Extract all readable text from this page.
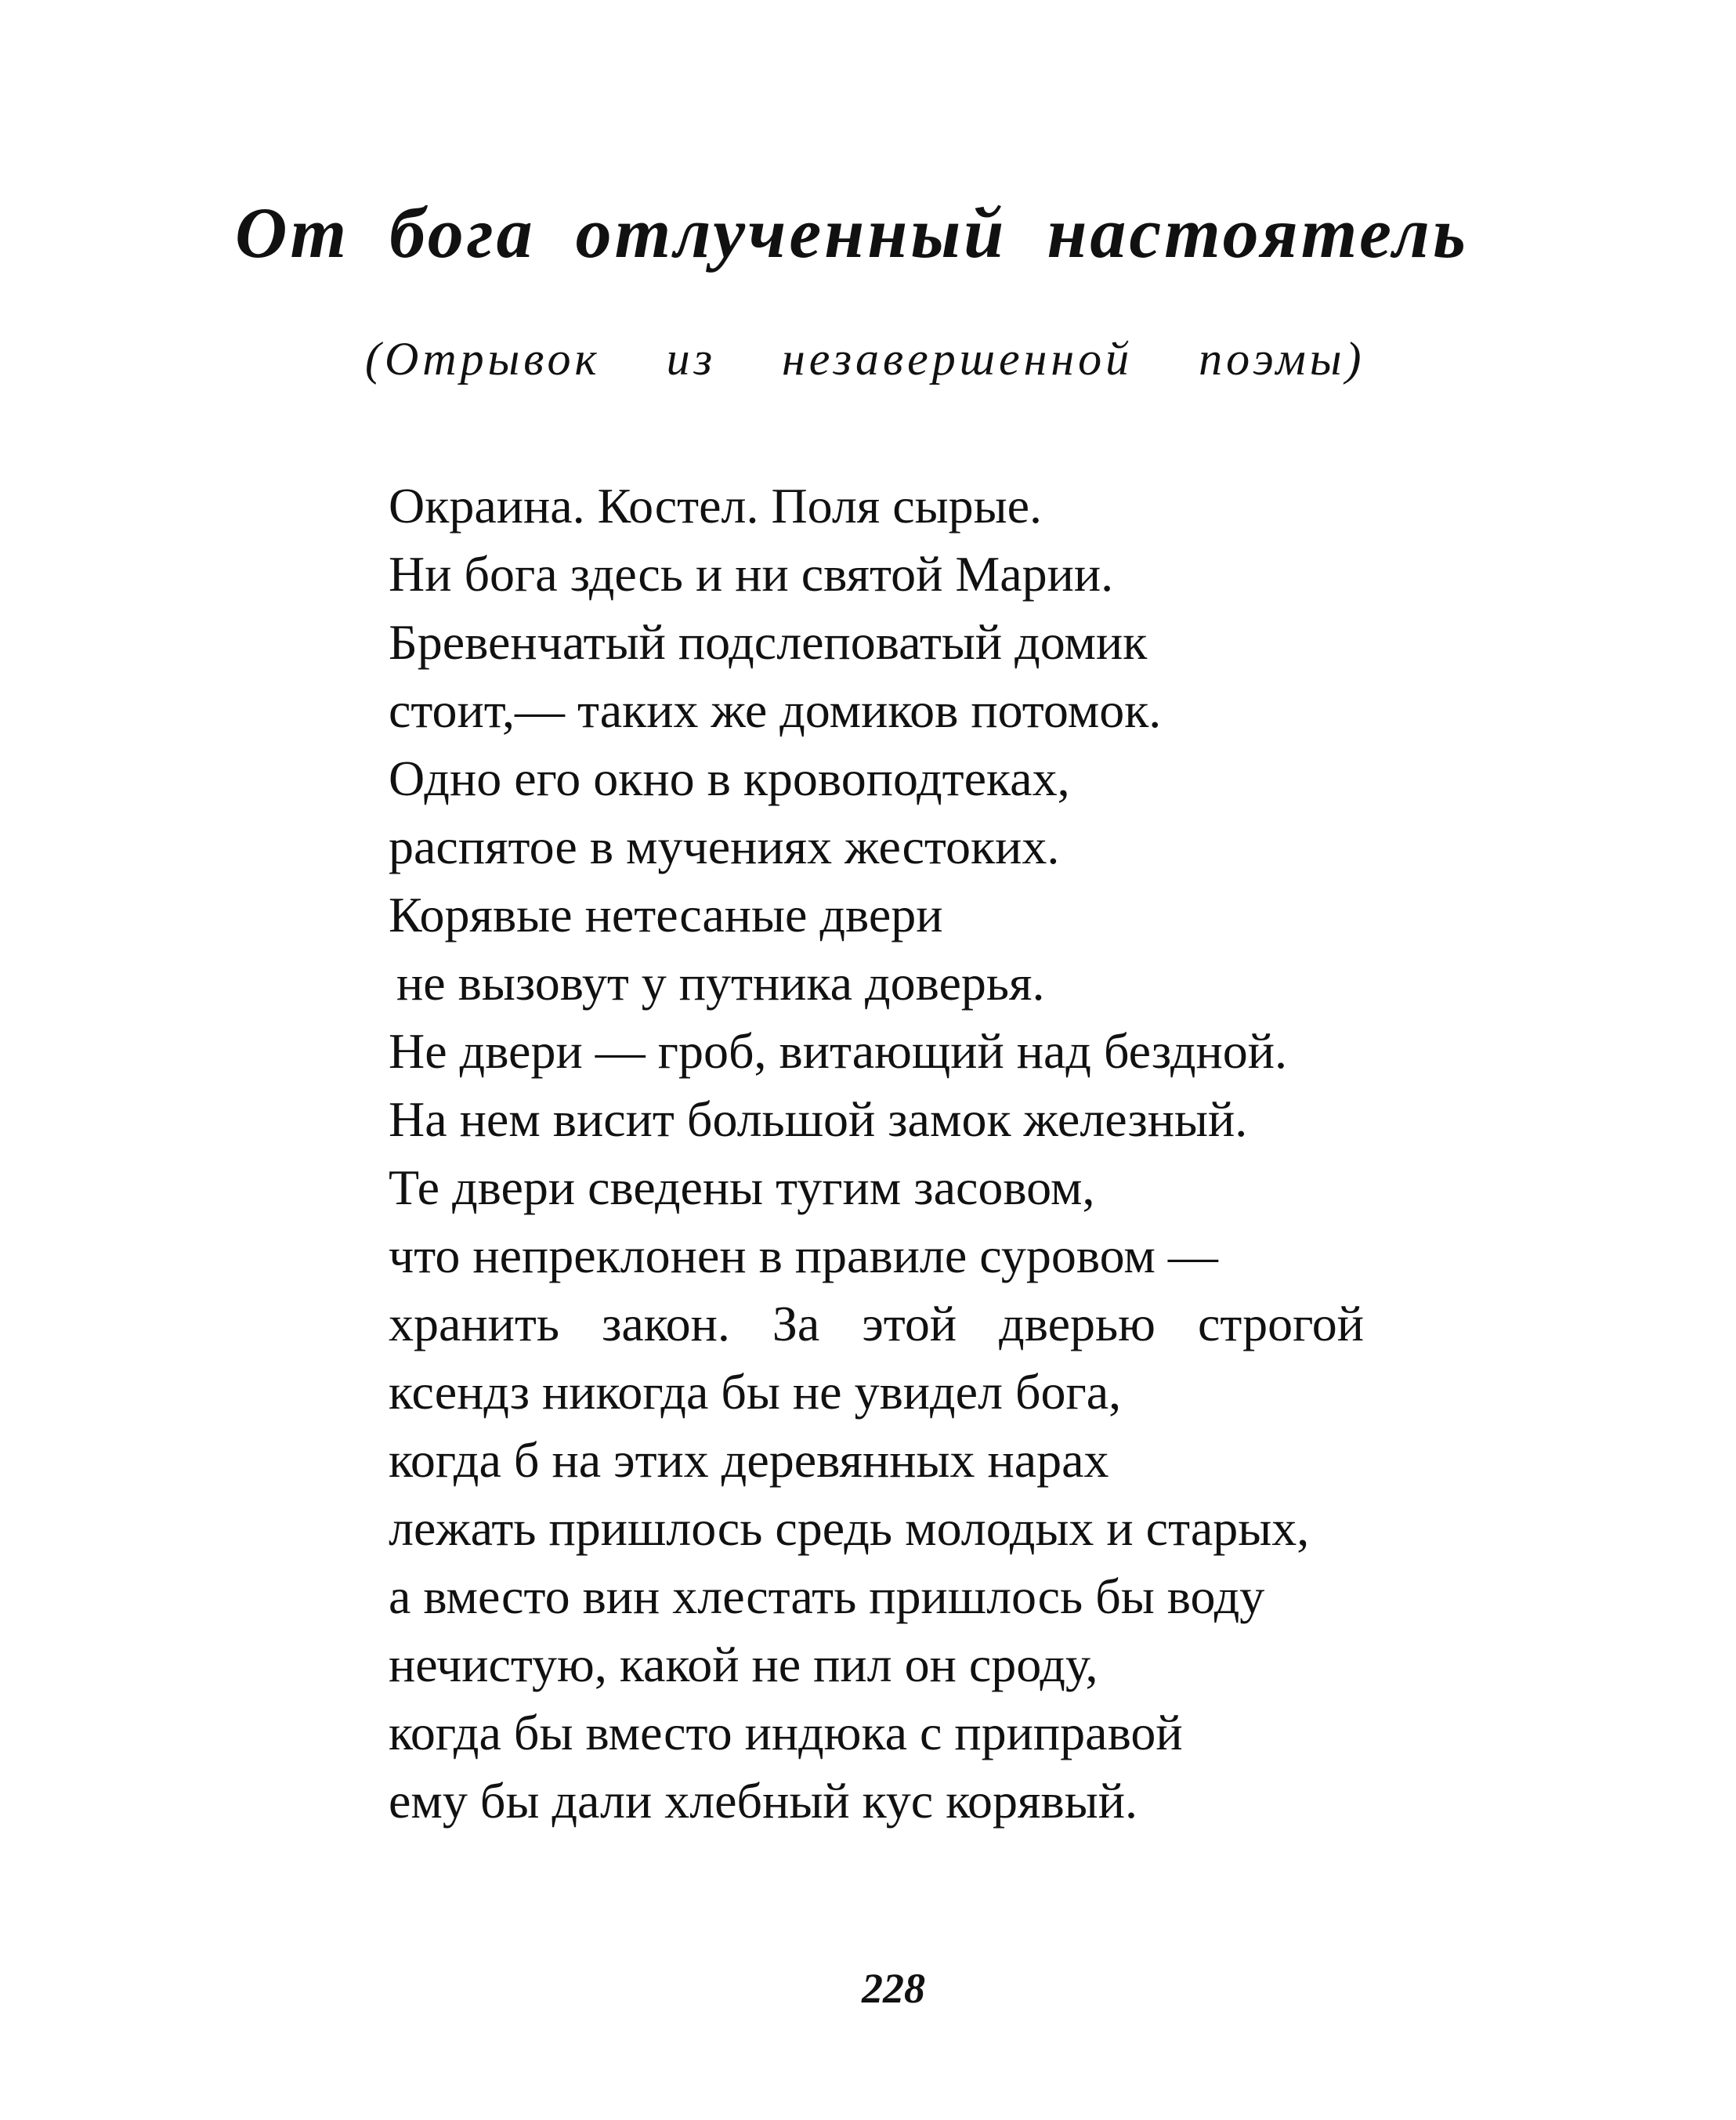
От бога отлученный настоятель

(Отрывок из незавершенной поэмы)

Окраина. Костел. Поля сырые.
Ни бога здесь и ни святой Марии.
Бревенчатый подслеповатый домик
стоит,— таких же домиков потомок.
Одно его окно в кровоподтеках,
распятое в мучениях жестоких.
Корявые нетесаные двери
не вызовут у путника доверья.
Не двери — гроб, витающий над бездной.
На нем висит большой замок железный.
Те двери сведены тугим засовом,
что непреклонен в правиле суровом —
хранить закон. За этой дверью строгой
ксендз никогда бы не увидел бога,
когда б на этих деревянных нарах
лежать пришлось средь молодых и старых,
а вместо вин хлестать пришлось бы воду
нечистую, какой не пил он сроду,
когда бы вместо индюка с приправой
ему бы дали хлебный кус корявый.

228
